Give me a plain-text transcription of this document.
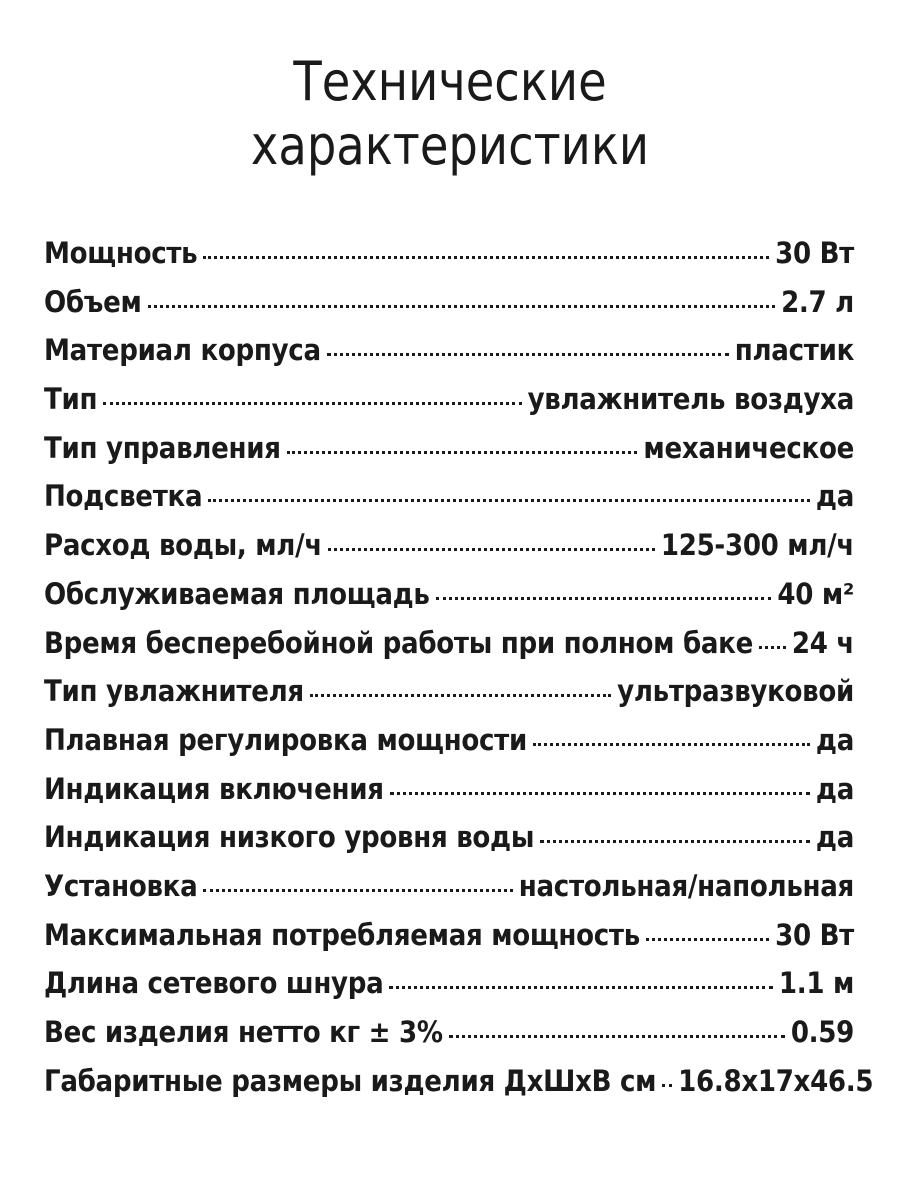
Технические
характеристики
Мощность	30 Вт
Объем	2.7 л
Материал корпуса	пластик
Тип	увлажнитель воздуха
Тип управления	механическое
Подсветка	да
Расход воды, мл/ч	125-300 мл/ч
Обслуживаемая площадь	40 м²
Время бесперебойной работы при полном баке 24 ч
Тип увлажнителя	ультразвуковой
Плавная регулировка мощности	да
Индикация включения	да
Индикация низкого уровня воды	да
Установка	настольная/напольная
Максимальная потребляемая мощность	30 Вт
Длина сетевого шнура	1.1 м
Вес изделия нетто кг ± 3%	0.59
Габаритные размеры изделия ДхШхВ см 16.8х17х46.5
